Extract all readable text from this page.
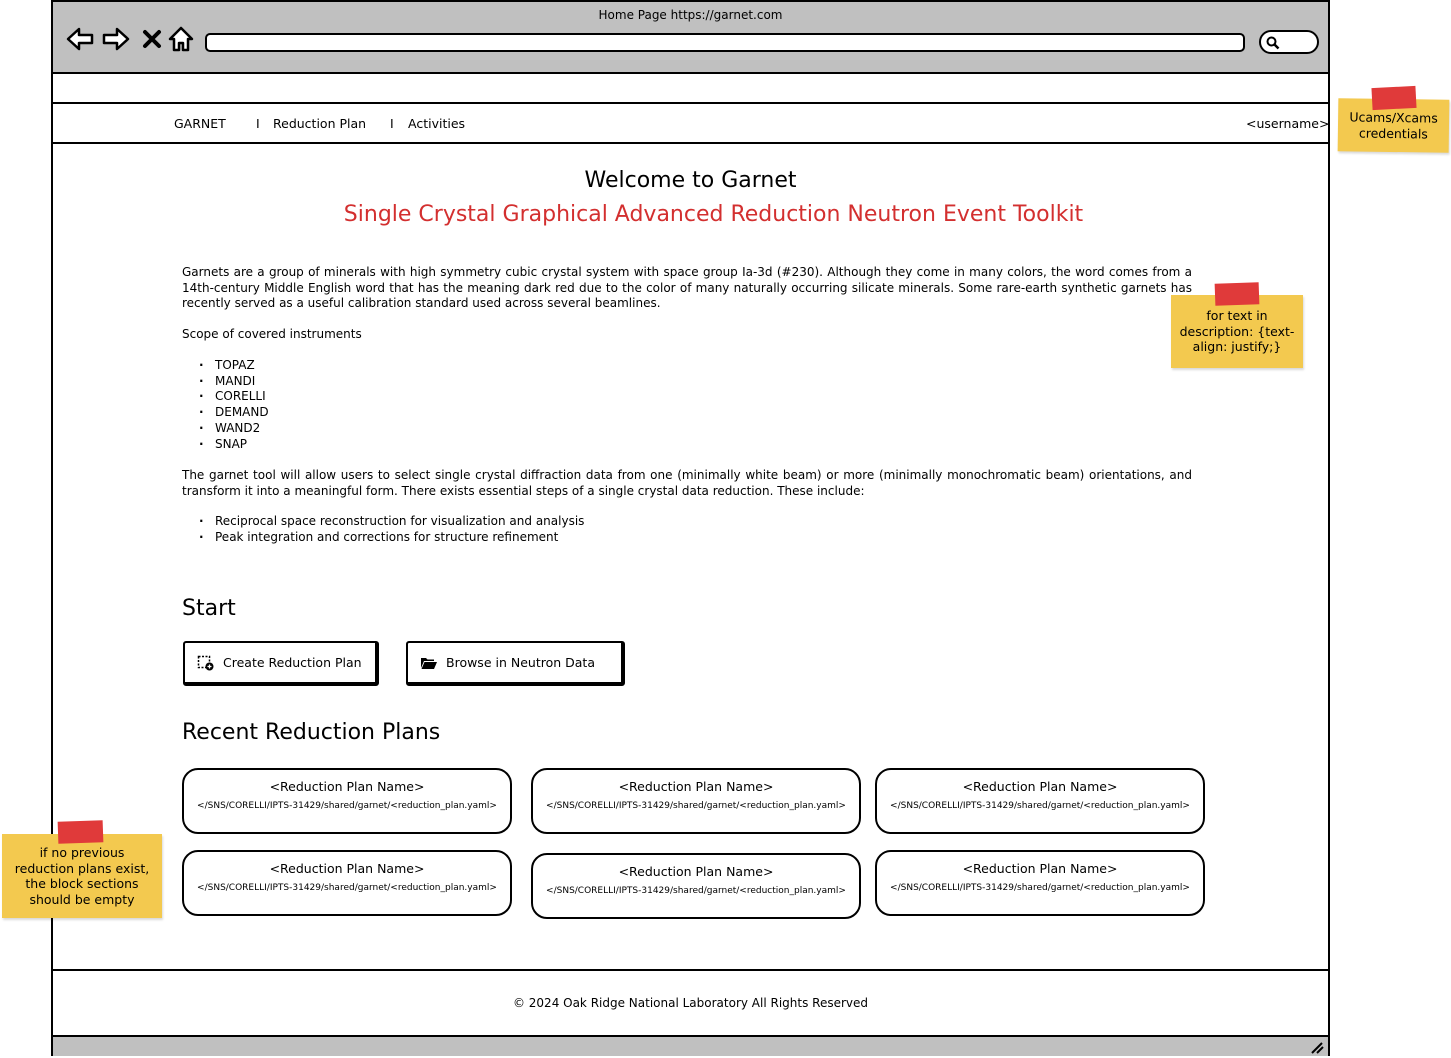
Home Page https://garnet.com
GARNET I Reduction Plan I Activities	<username>
Welcome to Garnet
Single Crystal Graphical Advanced Reduction Neutron Event Toolkit

Garnets are a group of minerals with high symmetry cubic crystal system with space group Ia-3d (#230). Although they come in many colors, the word comes from a 14th-century Middle English word that has the meaning dark red due to the color of many naturally occurring silicate minerals. Some rare-earth synthetic garnets has recently served as a useful calibration standard used across several beamlines.

Scope of covered instruments

· TOPAZ
· MANDI
· CORELLI
· DEMAND
· WAND2
· SNAP

The garnet tool will allow users to select single crystal diffraction data from one (minimally white beam) or more (minimally monochromatic beam) orientations, and transform it into a meaningful form. There exists essential steps of a single crystal data reduction. These include:

· Reciprocal space reconstruction for visualization and analysis
· Peak integration and corrections for structure refinement
Start
Create Reduction Plan	Browse in Neutron Data
Recent Reduction Plans
<Reduction Plan Name>
</SNS/CORELLI/IPTS-31429/shared/garnet/<reduction_plan.yaml>
<Reduction Plan Name>
</SNS/CORELLI/IPTS-31429/shared/garnet/<reduction_plan.yaml>
<Reduction Plan Name>
</SNS/CORELLI/IPTS-31429/shared/garnet/<reduction_plan.yaml>
<Reduction Plan Name>
</SNS/CORELLI/IPTS-31429/shared/garnet/<reduction_plan.yaml>
<Reduction Plan Name>
</SNS/CORELLI/IPTS-31429/shared/garnet/<reduction_plan.yaml>
<Reduction Plan Name>
</SNS/CORELLI/IPTS-31429/shared/garnet/<reduction_plan.yaml>
© 2024 Oak Ridge National Laboratory All Rights Reserved
Ucams/Xcams credentials
for text in description: {text-align: justify;}
if no previous reduction plans exist, the block sections should be empty
